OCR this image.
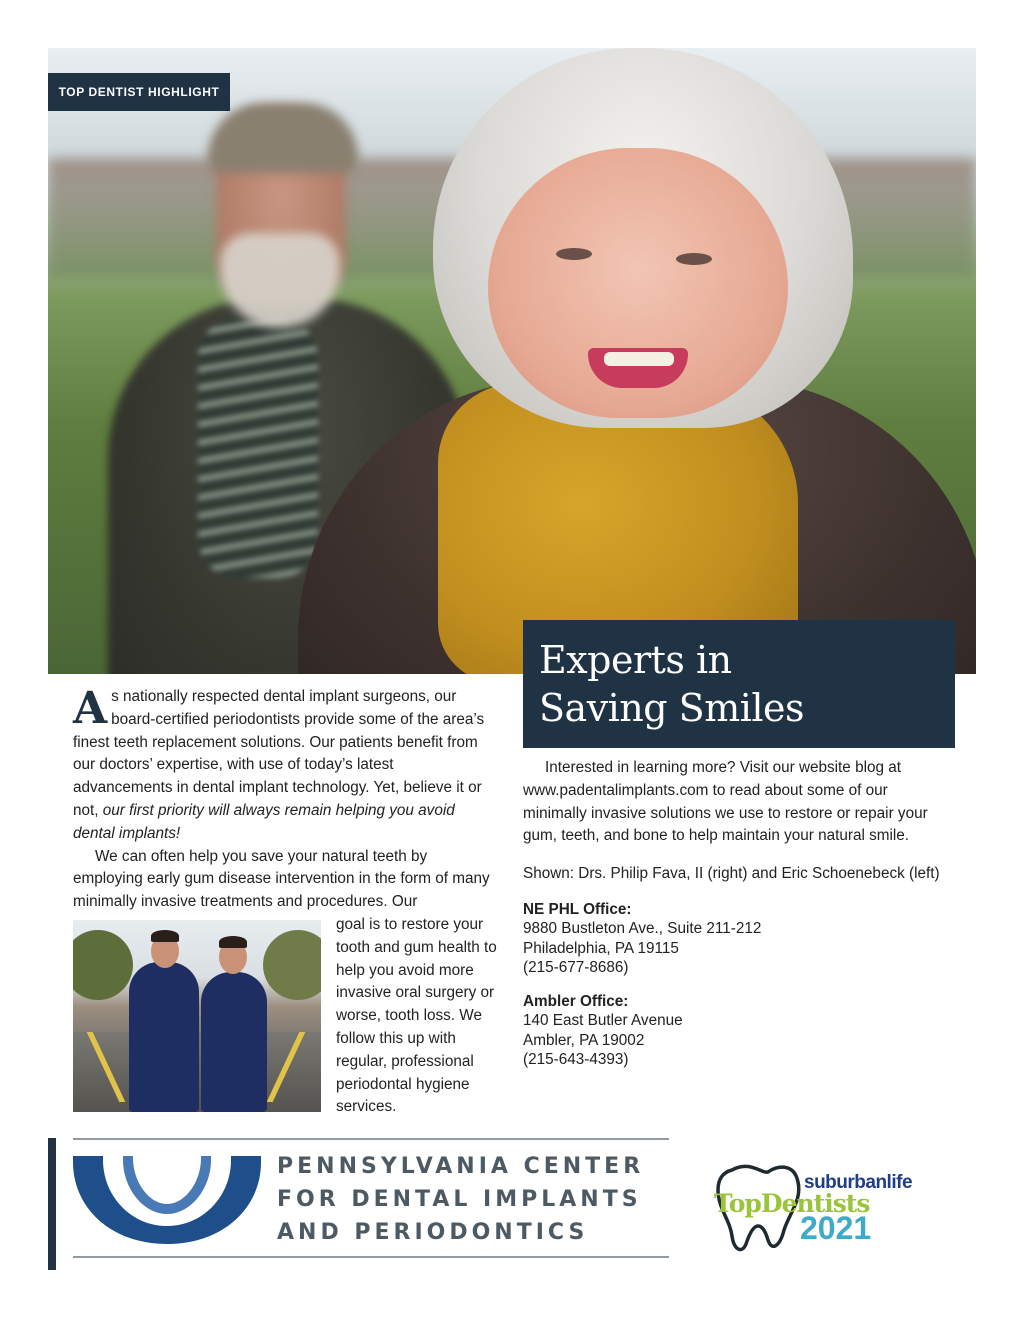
TOP DENTIST HIGHLIGHT
Experts in
Saving Smiles

As nationally respected dental implant surgeons, our board-certified periodontists provide some of the area’s finest teeth replacement solutions. Our patients benefit from our doctors’ expertise, with use of today’s latest advancements in dental implant technology. Yet, believe it or not, our first priority will always remain helping you avoid dental implants!

We can often help you save your natural teeth by employing early gum disease intervention in the form of many minimally invasive treatments and procedures. Our

goal is to restore your tooth and gum health to help you avoid more invasive oral surgery or worse, tooth loss. We follow this up with regular, professional periodontal hygiene services.

Interested in learning more? Visit our website blog at www.padentalimplants.com to read about some of our minimally invasive solutions we use to restore or repair your gum, teeth, and bone to help maintain your natural smile.

Shown: Drs. Philip Fava, II (right) and Eric Schoenebeck (left)

NE PHL Office:
9880 Bustleton Ave., Suite 211-212
Philadelphia, PA 19115
(215-677-8686)
Ambler Office:
140 East Butler Avenue
Ambler, PA 19002
(215-643-4393)
PENNSYLVANIA CENTER
FOR DENTAL IMPLANTS
AND PERIODONTICS
suburbanlife
TopDentists
2021
